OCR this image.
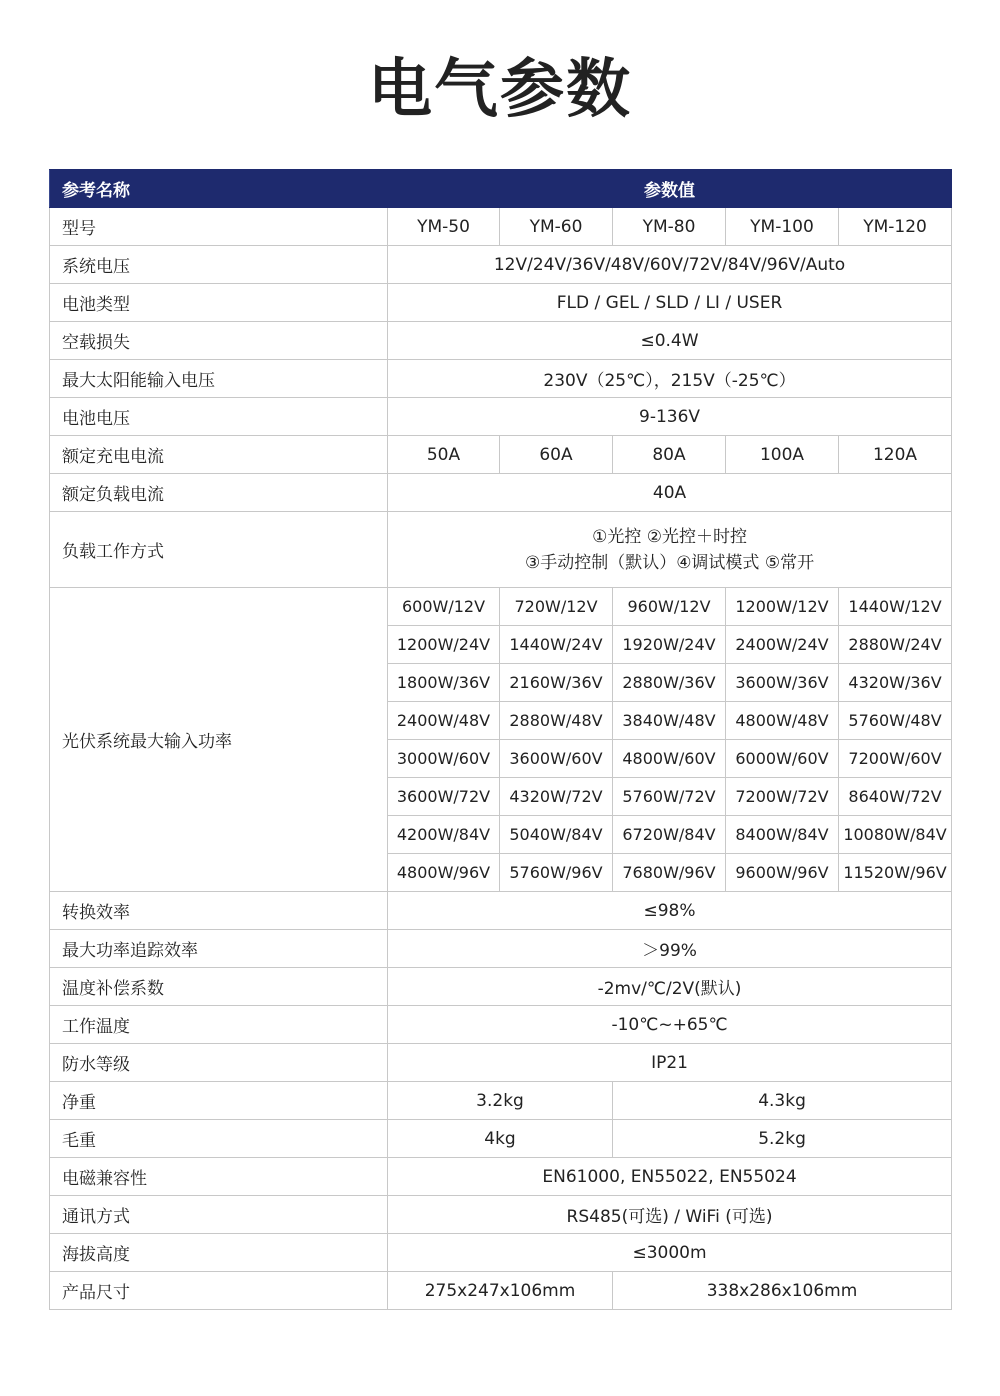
电气参数
参考名称	参数值				
型号	YM-50	YM-60	YM-80	YM-100	YM-120
系统电压	12V/24V/36V/48V/60V/72V/84V/96V/Auto				
电池类型	FLD / GEL / SLD / LI / USER				
空载损失	≤0.4W				
最大太阳能输入电压	230V（25℃），215V（-25℃）				
电池电压	9-136V				
额定充电电流	50A	60A	80A	100A	120A
额定负载电流	40A				
负载工作方式	①光控 ②光控＋时控
③手动控制（默认）④调试模式 ⑤常开				

光伏系统最大输入功率	600W/12V	720W/12V	960W/12V	1200W/12V	1440W/12V
	1200W/24V	1440W/24V	1920W/24V	2400W/24V	2880W/24V
	1800W/36V	2160W/36V	2880W/36V	3600W/36V	4320W/36V
	2400W/48V	2880W/48V	3840W/48V	4800W/48V	5760W/48V
	3000W/60V	3600W/60V	4800W/60V	6000W/60V	7200W/60V
	3600W/72V	4320W/72V	5760W/72V	7200W/72V	8640W/72V
	4200W/84V	5040W/84V	6720W/84V	8400W/84V	10080W/84V
	4800W/96V	5760W/96V	7680W/96V	9600W/96V	11520W/96V
转换效率	≤98%				
最大功率追踪效率	＞99%				
温度补偿系数	-2mv/℃/2V(默认)				
工作温度	-10℃~+65℃				
防水等级	IP21				
净重	3.2kg		4.3kg		
毛重	4kg		5.2kg		
电磁兼容性	EN61000, EN55022, EN55024				
通讯方式	RS485(可选) / WiFi (可选)				
海拔高度	≤3000m				
产品尺寸	275x247x106mm		338x286x106mm		
